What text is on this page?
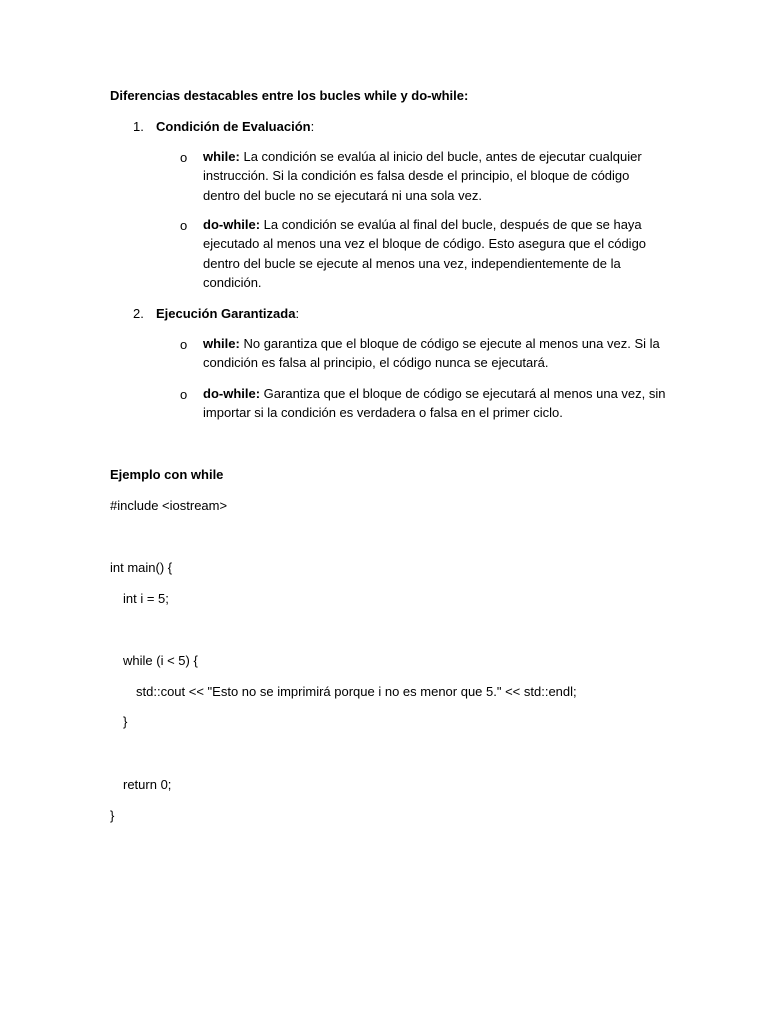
Diferencias destacables entre los bucles while y do-while:
1. Condición de Evaluación:
o while: La condición se evalúa al inicio del bucle, antes de ejecutar cualquier
instrucción. Si la condición es falsa desde el principio, el bloque de código
dentro del bucle no se ejecutará ni una sola vez.
o do-while: La condición se evalúa al final del bucle, después de que se haya
ejecutado al menos una vez el bloque de código. Esto asegura que el código
dentro del bucle se ejecute al menos una vez, independientemente de la
condición.
2. Ejecución Garantizada:
o while: No garantiza que el bloque de código se ejecute al menos una vez. Si la
condición es falsa al principio, el código nunca se ejecutará.
o do-while: Garantiza que el bloque de código se ejecutará al menos una vez, sin
importar si la condición es verdadera o falsa en el primer ciclo.
Ejemplo con while
#include <iostream>
int main() {
int i = 5;
while (i < 5) {
std::cout << "Esto no se imprimirá porque i no es menor que 5." << std::endl;
}
return 0;
}
